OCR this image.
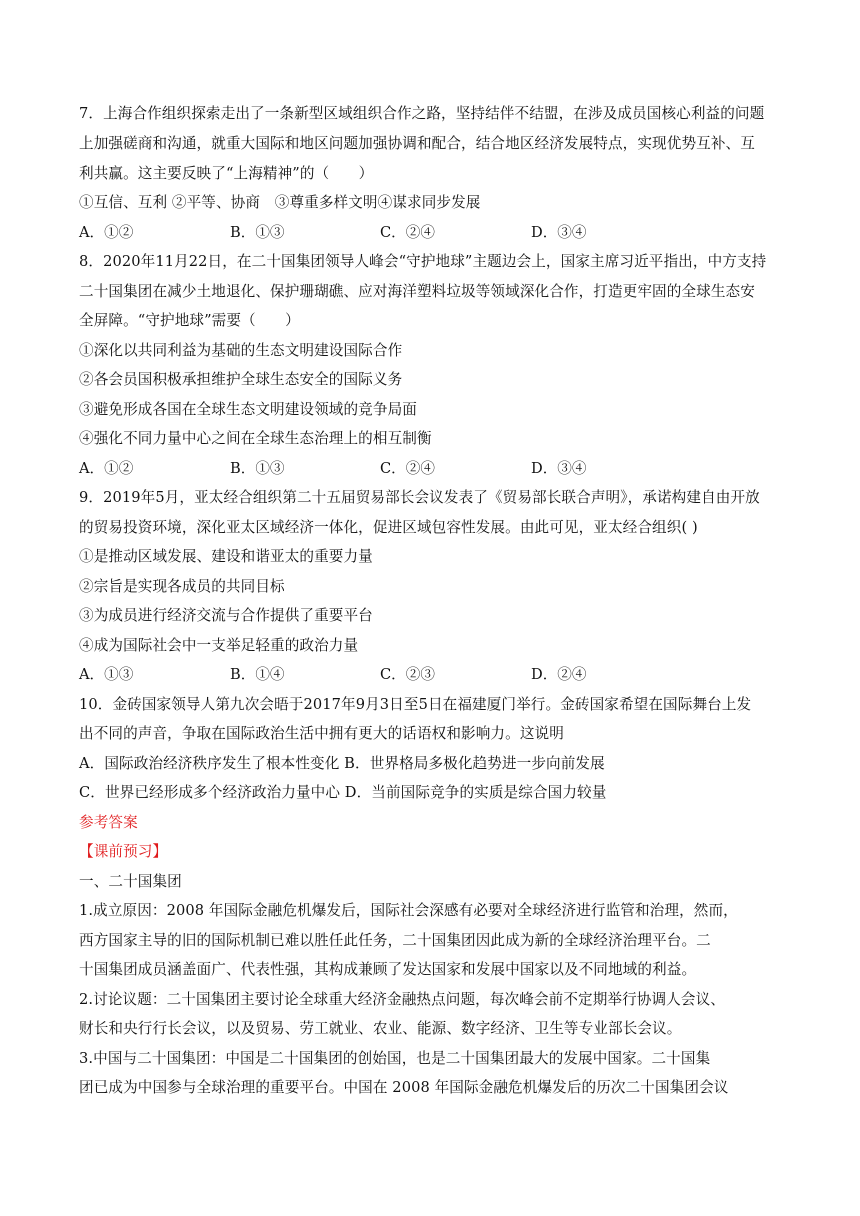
7．上海合作组织探索走出了一条新型区域组织合作之路，坚持结伴不结盟，在涉及成员国核心利益的问题
上加强磋商和沟通，就重大国际和地区问题加强协调和配合，结合地区经济发展特点，实现优势互补、互
利共赢。这主要反映了“上海精神”的（　　）
①互信、互利 ②平等、协商　③尊重多样文明④谋求同步发展
A．①②	B．①③	C．②④	D．③④
8．2020年11月22日，在二十国集团领导人峰会“守护地球”主题边会上，国家主席习近平指出，中方支持
二十国集团在减少土地退化、保护珊瑚礁、应对海洋塑料垃圾等领域深化合作，打造更牢固的全球生态安
全屏障。“守护地球”需要（　　）
①深化以共同利益为基础的生态文明建设国际合作
②各会员国积极承担维护全球生态安全的国际义务
③避免形成各国在全球生态文明建设领域的竞争局面
④强化不同力量中心之间在全球生态治理上的相互制衡
A．①②	B．①③	C．②④	D．③④
9．2019年5月，亚太经合组织第二十五届贸易部长会议发表了《贸易部长联合声明》，承诺构建自由开放
的贸易投资环境，深化亚太区域经济一体化，促进区域包容性发展。由此可见，亚太经合组织( )
①是推动区域发展、建设和谐亚太的重要力量
②宗旨是实现各成员的共同目标
③为成员进行经济交流与合作提供了重要平台
④成为国际社会中一支举足轻重的政治力量
A．①③	B．①④	C．②③	D．②④
10．金砖国家领导人第九次会晤于2017年9月3日至5日在福建厦门举行。金砖国家希望在国际舞台上发
出不同的声音，争取在国际政治生活中拥有更大的话语权和影响力。这说明
A．国际政治经济秩序发生了根本性变化 B．世界格局多极化趋势进一步向前发展
C．世界已经形成多个经济政治力量中心 D．当前国际竞争的实质是综合国力较量
参考答案
【课前预习】
一、二十国集团
1.成立原因：2008 年国际金融危机爆发后，国际社会深感有必要对全球经济进行监管和治理，然而，
西方国家主导的旧的国际机制已难以胜任此任务，二十国集团因此成为新的全球经济治理平台。二
十国集团成员涵盖面广、代表性强，其构成兼顾了发达国家和发展中国家以及不同地域的利益。
2.讨论议题：二十国集团主要讨论全球重大经济金融热点问题，每次峰会前不定期举行协调人会议、
财长和央行行长会议，以及贸易、劳工就业、农业、能源、数字经济、卫生等专业部长会议。
3.中国与二十国集团：中国是二十国集团的创始国，也是二十国集团最大的发展中国家。二十国集
团已成为中国参与全球治理的重要平台。中国在 2008 年国际金融危机爆发后的历次二十国集团会议
